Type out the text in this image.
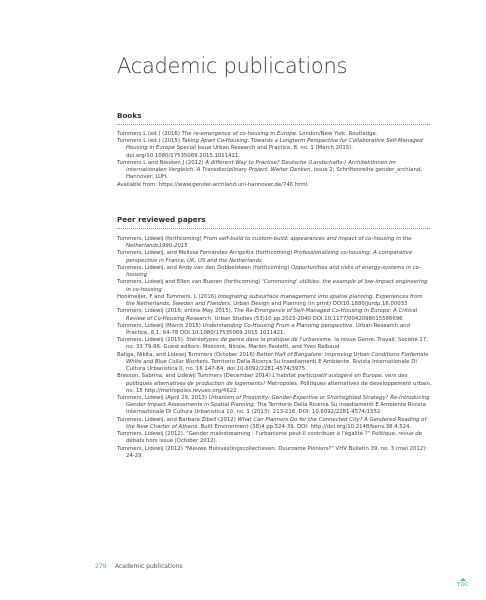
Academic publications
Books

Tummers L (ed.) (2016) The re-emergence of co-housing in Europe. London/New York: Routledge.

Tummers L (ed.) (2015) Taking Apart Co-Housing. Towards a Longterm Perspective for Collaborative Self-Managed Housing in Europe Special Issue Urban Research and Practice, 8, no. 1 (March 2015). doi.org/10.1080/17535069.2015.1011421.

Tummers L and Niesken J (2012) A different Way to Practise? Deutsche (Landschafts-) ArchitektInnen im internationalen Vergleich. A Transdisciplinary Project. Weiter Denken, issue 2; Schriftenreihe gender_archland, Hannover: LUH.

Available from: https://www.gender-archland.uni-hannover.de/746.html.

Peer reviewed papers

Tummers, Lidewij (forthcoming) From self-build to custom-build: appearances and impact of co-housing in the Netherlands1990-2015

Tummers, Lidewij, and Melissa Fernandez Arrigoitia (forthcoming) Professionalizing co-housing: A comparative perspective in France, UK, US and the Netherlands

Tummers, Lidewij, and Andy van den Dobbelsteen (forthcoming) Opportunities and risks of energy-systems in co-housing

Tummers, Lidewij and Ellen van Bueren (forthcoming) 'Commoning' utilities: the example of low-impact engineering in co-housing

Hooimeijer, F and Tummers, L (2016) Integrating subsurface management into spatial planning. Experiences from the Netherlands, Sweden and Flanders. Urban Design and Planning (in print) DOI10.1680/jurdp.16.00033

Tummers, Lidewij (2016; online May 2015), The Re-Emergence of Self-Managed Co-Housing in Europe: A Critical Review of Co-Housing Research. Urban Studies (53)10 pp.2023-2040 DOI.10.1177/0042098015586696

Tummers, Lidewij (March 2015) Understanding Co-Housing From a Planning perspective. Urban Research and Practice, 8,1: 64-78 DOI.10.1080/17535069.2015.1011421.

Tummers, Lidewij (2015): Stéréotypes de genre dans la pratique de l'urbanisme. la revue Genre, Travail, Société 17, no. 33 79-96. Guest editors: Moscont, Nicole, Marion Paoletti, and Yves Raibaud

Baliga, Nikita, and Lidewij Tummers (October 2016) Better Half of Bangalore: Improving Urban Conditions Forfemale White and Blue Collar Workers. Territorio Della Ricerca Su Insediamenti E Ambiente. Rivista Internationale Di Cultura Urbanistica 0, no. 16 147-64. doi:10.6092/2281-4574/3975.

Bresson, Sabrina, and Lidewij Tummers (December 2014) L'habitat participatif autogéré en Europe, vers des politiques alternatives de production de logements? Metropoles. Politiques alternatives de développement urbain, no. 15 http://metropoles.revues.org/4622

Tummers, Lidewij (April 29, 2013) Urbanism of Proximity: Gender-Expertise or Shortsighted Strategy? Re-Introducing Gender Impact Assessments in Spatial Planning. Tria Territorio Della Ricerca Su Insediamenti E Ambiente Rivista Internazionale Di Cultura Urbanistica 10, no. 1 (2013): 213-218. DOI: 10.6092/2281-4574/1552.

Tummers, Lidewij, and Barbara Zibell (2012) What Can Planners Do for the Connected City? A Gendered Reading of the New Charter of Athens. Built Environment (38)4 pp.524-39. DOI: http://doi.org/10.2148/benv.38.4.524.

Tummers, Lidewij (2012). "Gender mainstreaming : l'urbanisme peut-il contribuer à l'égalité ?" Politique, revue de débats hors issue (October 2012).

Tummers, Lidewij (2012) "Nieuwe Huisvestingscollectieven: Duurzame Pioniers?" VHV Bulletin 39, no. 3 (mei 2012): 24-29.

279 Academic publications
TOC
